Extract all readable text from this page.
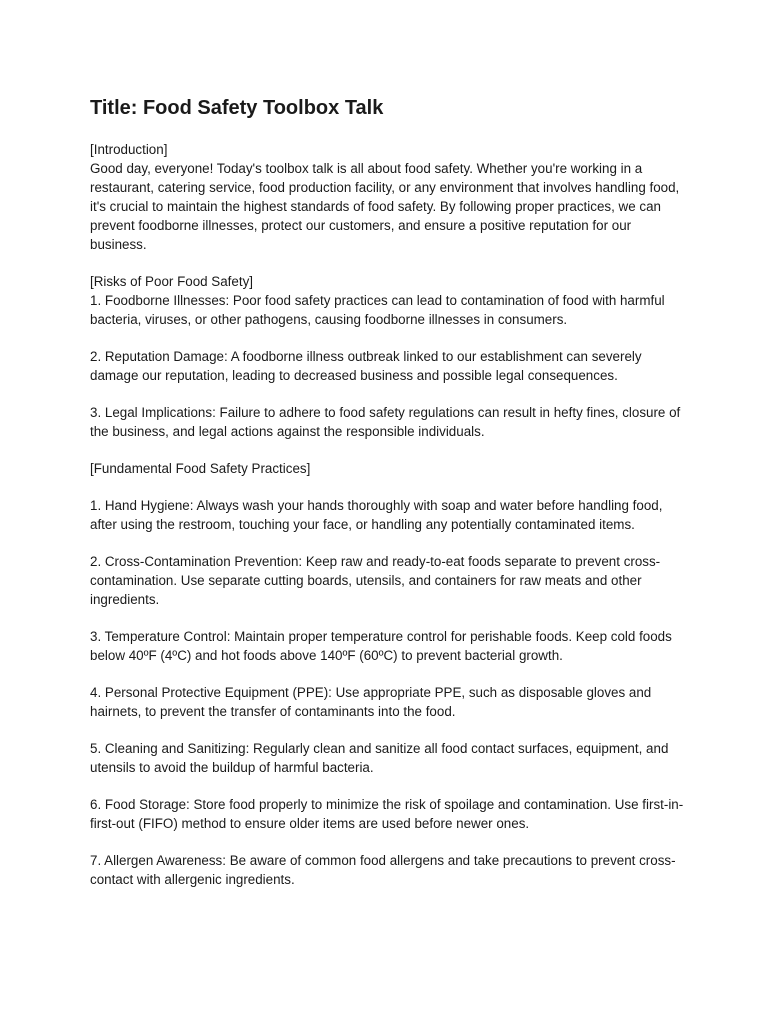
Title: Food Safety Toolbox Talk

[Introduction]

Good day, everyone! Today's toolbox talk is all about food safety. Whether you're working in a restaurant, catering service, food production facility, or any environment that involves handling food, it's crucial to maintain the highest standards of food safety. By following proper practices, we can prevent foodborne illnesses, protect our customers, and ensure a positive reputation for our business.

[Risks of Poor Food Safety]

1. Foodborne Illnesses: Poor food safety practices can lead to contamination of food with harmful bacteria, viruses, or other pathogens, causing foodborne illnesses in consumers.

2. Reputation Damage: A foodborne illness outbreak linked to our establishment can severely damage our reputation, leading to decreased business and possible legal consequences.

3. Legal Implications: Failure to adhere to food safety regulations can result in hefty fines, closure of the business, and legal actions against the responsible individuals.

[Fundamental Food Safety Practices]

1. Hand Hygiene: Always wash your hands thoroughly with soap and water before handling food, after using the restroom, touching your face, or handling any potentially contaminated items.

2. Cross-Contamination Prevention: Keep raw and ready-to-eat foods separate to prevent cross-contamination. Use separate cutting boards, utensils, and containers for raw meats and other ingredients.

3. Temperature Control: Maintain proper temperature control for perishable foods. Keep cold foods below 40ºF (4ºC) and hot foods above 140ºF (60ºC) to prevent bacterial growth.

4. Personal Protective Equipment (PPE): Use appropriate PPE, such as disposable gloves and hairnets, to prevent the transfer of contaminants into the food.

5. Cleaning and Sanitizing: Regularly clean and sanitize all food contact surfaces, equipment, and utensils to avoid the buildup of harmful bacteria.

6. Food Storage: Store food properly to minimize the risk of spoilage and contamination. Use first-in-first-out (FIFO) method to ensure older items are used before newer ones.

7. Allergen Awareness: Be aware of common food allergens and take precautions to prevent cross-contact with allergenic ingredients.
